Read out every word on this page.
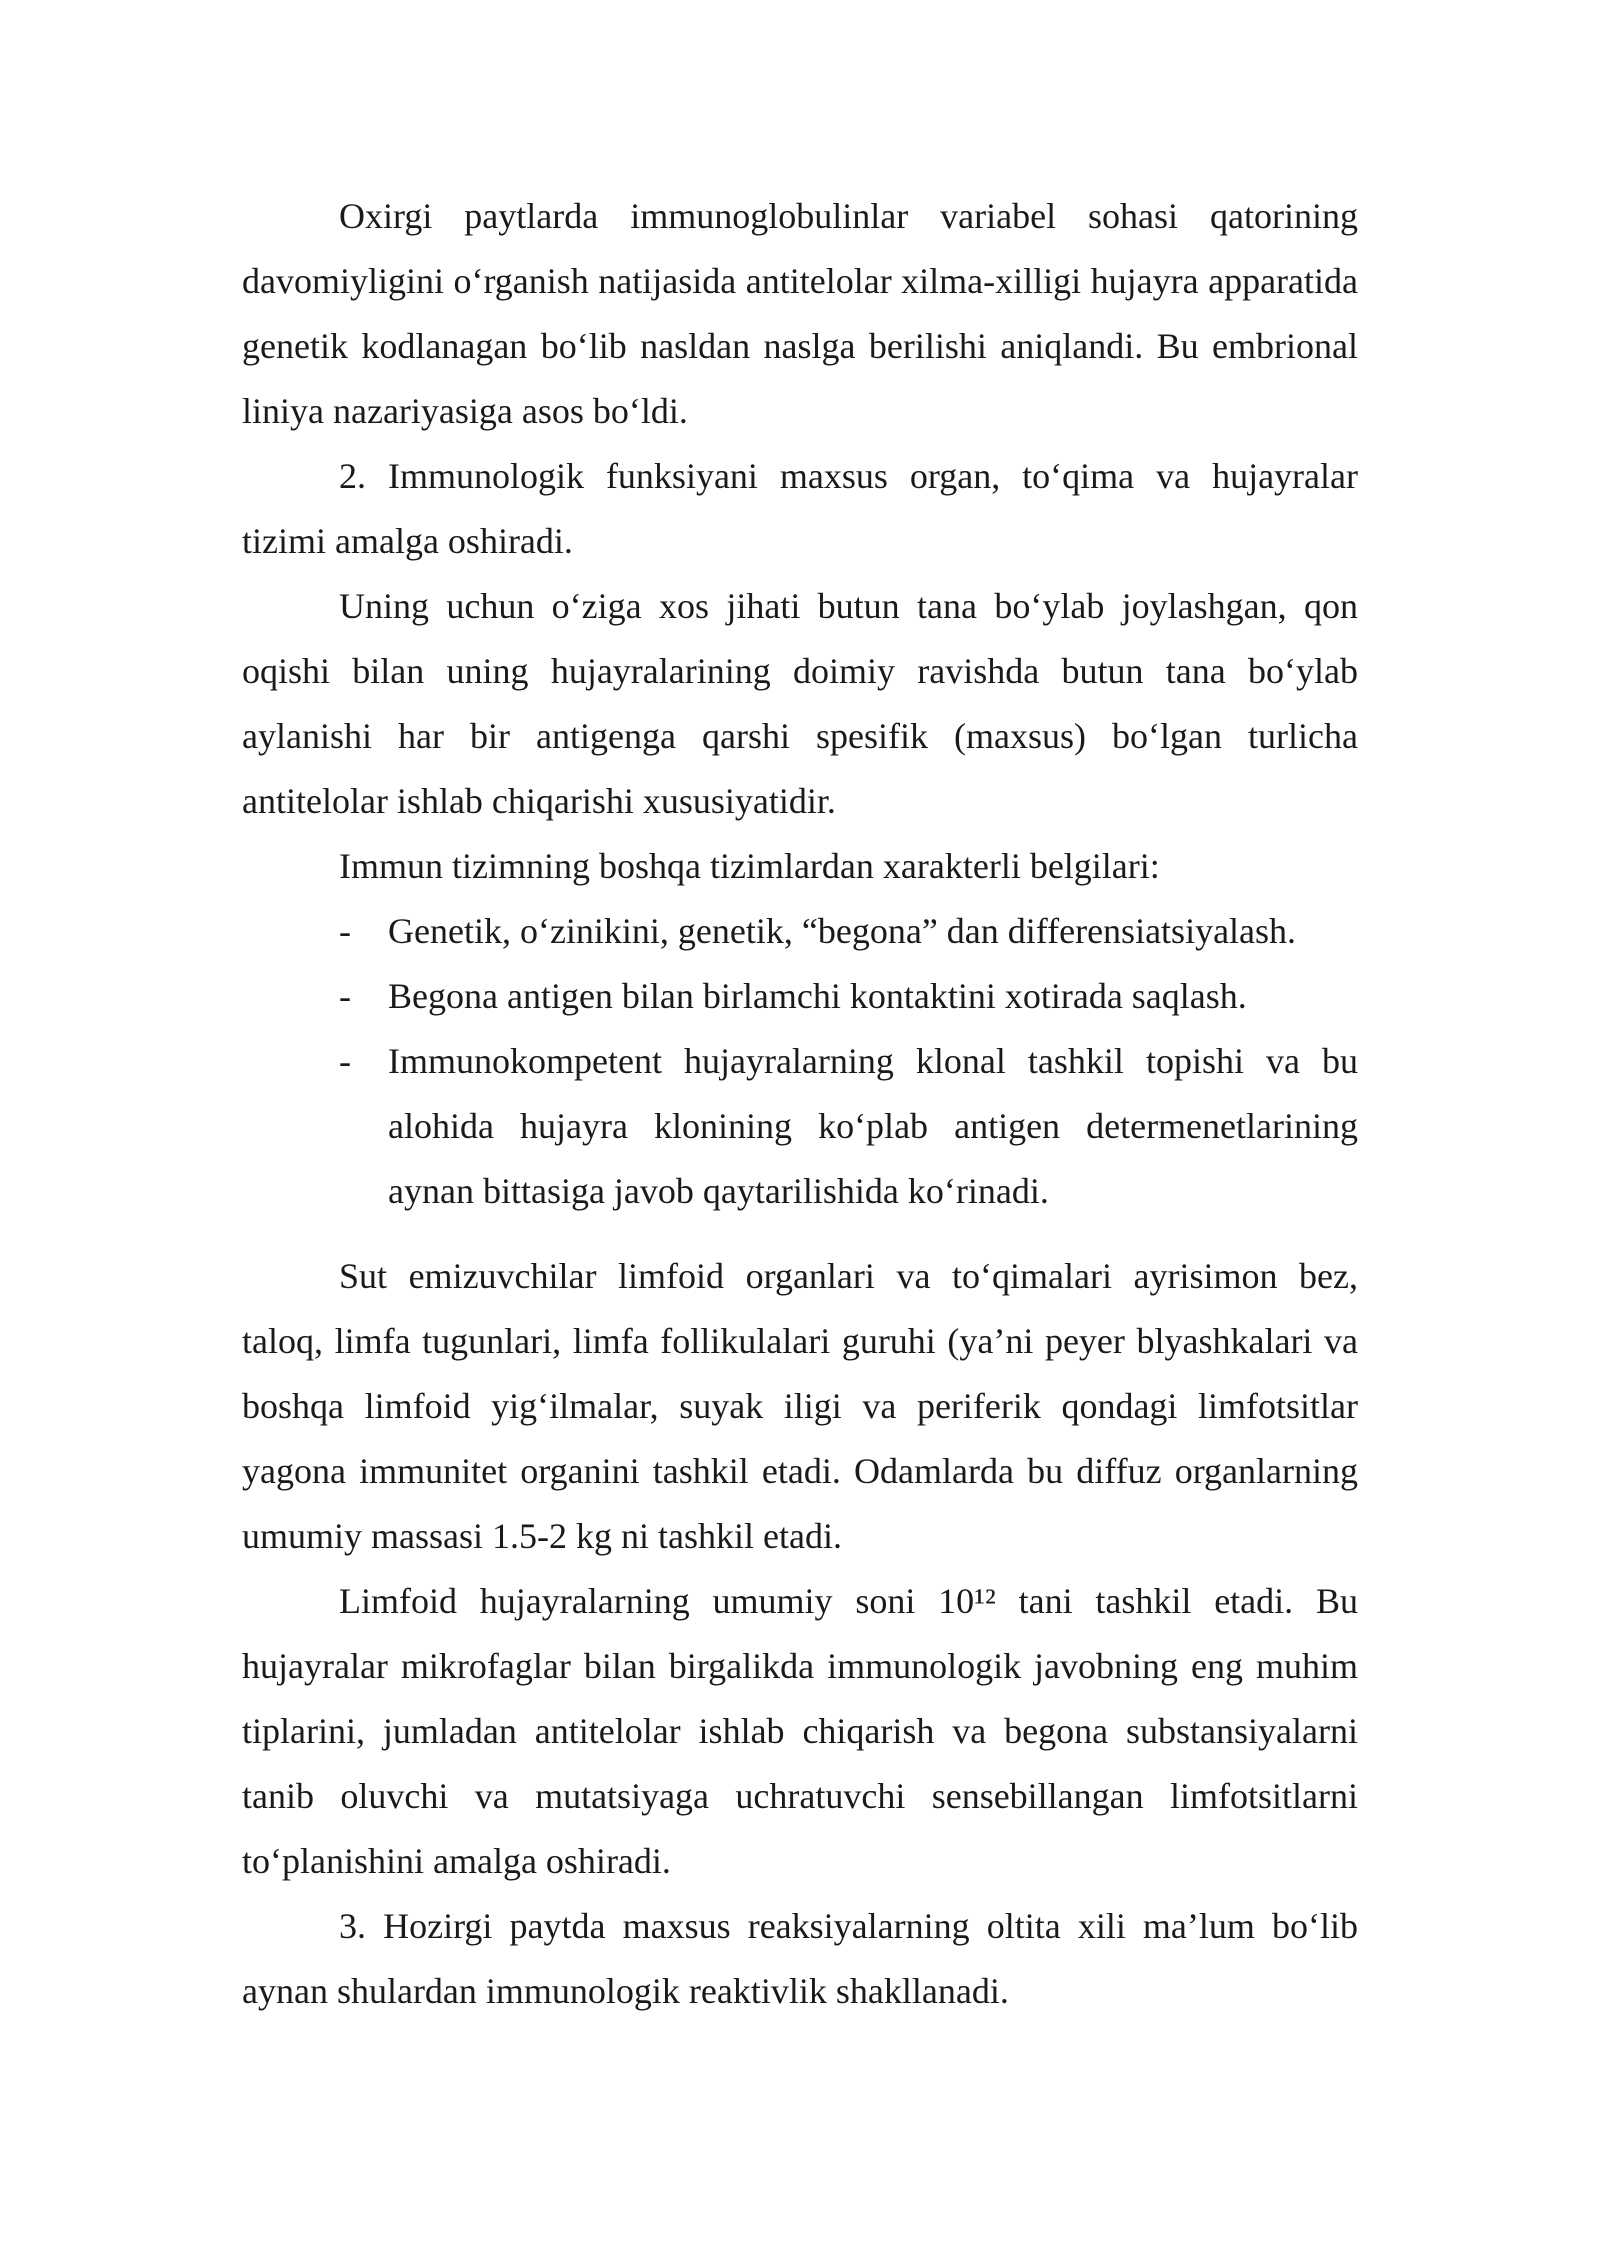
Oxirgi paytlarda immunoglobulinlar variabel sohasi qatorining davomiyligini o‘rganish natijasida antitelolar xilma-xilligi hujayra apparatida genetik kodlanagan bo‘lib nasldan naslga berilishi aniqlandi. Bu embrional liniya nazariyasiga asos bo‘ldi.

2. Immunologik funksiyani maxsus organ, to‘qima va hujayralar tizimi amalga oshiradi.

Uning uchun o‘ziga xos jihati butun tana bo‘ylab joylashgan, qon oqishi bilan uning hujayralarining doimiy ravishda butun tana bo‘ylab aylanishi har bir antigenga qarshi spesifik (maxsus) bo‘lgan turlicha antitelolar ishlab chiqarishi xususiyatidir.

Immun tizimning boshqa tizimlardan xarakterli belgilari:

- Genetik, o‘zinikini, genetik, “begona” dan differensiatsiyalash.
- Begona antigen bilan birlamchi kontaktini xotirada saqlash.
- Immunokompetent hujayralarning klonal tashkil topishi va bu alohida hujayra klonining ko‘plab antigen determenetlarining aynan bittasiga javob qaytarilishida ko‘rinadi.

Sut emizuvchilar limfoid organlari va to‘qimalari ayrisimon bez, taloq, limfa tugunlari, limfa follikulalari guruhi (ya’ni peyer blyashkalari va boshqa limfoid yig‘ilmalar, suyak iligi va periferik qondagi limfotsitlar yagona immunitet organini tashkil etadi. Odamlarda bu diffuz organlarning umumiy massasi 1.5-2 kg ni tashkil etadi.

Limfoid hujayralarning umumiy soni 10¹² tani tashkil etadi. Bu hujayralar mikrofaglar bilan birgalikda immunologik javobning eng muhim tiplarini, jumladan antitelolar ishlab chiqarish va begona substansiyalarni tanib oluvchi va mutatsiyaga uchratuvchi sensebillangan limfotsitlarni to‘planishini amalga oshiradi.

3. Hozirgi paytda maxsus reaksiyalarning oltita xili ma’lum bo‘lib aynan shulardan immunologik reaktivlik shakllanadi.
